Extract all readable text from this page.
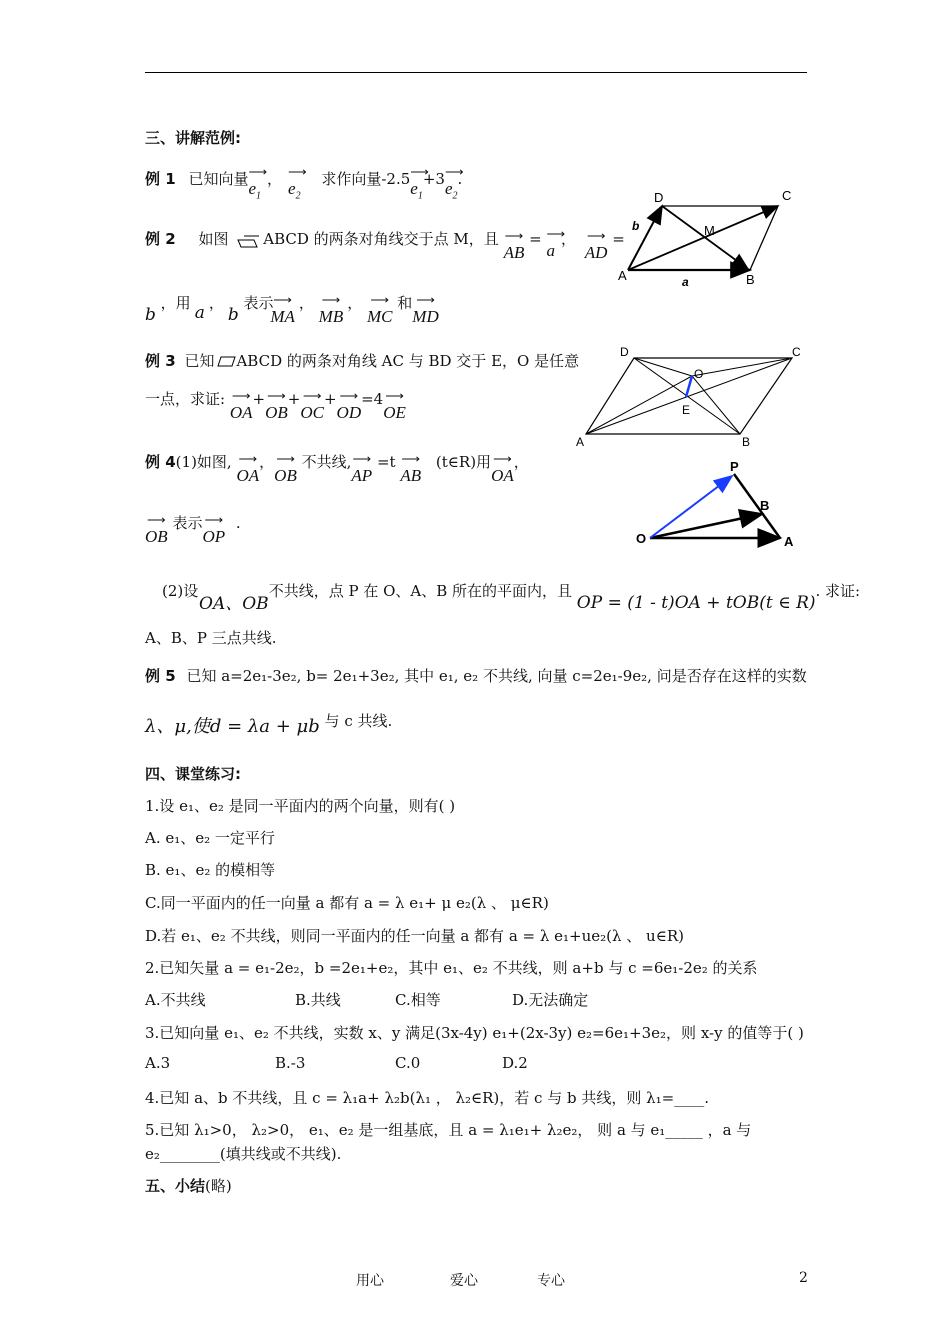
三、讲解范例:
例 1 已知向量⟶ $e_1$，⟶ $e_2$ 求作向量-2.5⟶ $e_1+3⟶$ $e_2$.
例 2 如图 ABCD 的两条对角线交于点 M，且 ⟶ AB = ⟶ a， ⟶ AD =
b ，用 a ，b 表示 ⟶ MA， ⟶ MB， ⟶ MC 和⟶ MD
D	C
M
A	B
a
b
例 3 已知 ABCD 的两条对角线 AC 与 BD 交于 E，O 是任意
一点，求证: ⟶ OA+⟶ OB+⟶ OC+⟶ OD=4⟶ OE
D	C
O
E
A	B
例 4(1)如图, ⟶ OA，⟶ OB 不共线,⟶ AP =t ⟶ AB (t∈R)用⟶ OA，
⟶ OB 表示⟶ OP .
P
B
O	A
(2)设 OA、OB不共线，点 P 在 O、A、B 所在的平面内，且 OP = (1 - t)OA + tOB(t ∈ R). 求证:
A、B、P 三点共线.
例 5 已知 a=2e₁-3e₂, b= 2e₁+3e₂, 其中 e₁, e₂ 不共线, 向量 c=2e₁-9e₂, 问是否存在这样的实数
λ、μ,使d = λa + μb 与 c 共线.
四、课堂练习:
1.设 e₁、e₂ 是同一平面内的两个向量，则有( )
A. e₁、e₂ 一定平行
B. e₁、e₂ 的模相等
C.同一平面内的任一向量 a 都有 a = λ e₁+ μ e₂(λ 、 μ∈R)
D.若 e₁、e₂ 不共线，则同一平面内的任一向量 a 都有 a = λ e₁+ue₂(λ 、 u∈R)
2.已知矢量 a = e₁-2e₂，b =2e₁+e₂，其中 e₁、e₂ 不共线，则 a+b 与 c =6e₁-2e₂ 的关系
A.不共线	B.共线	C.相等	D.无法确定
3.已知向量 e₁、e₂ 不共线，实数 x、y 满足(3x-4y) e₁+(2x-3y) e₂=6e₁+3e₂，则 x-y 的值等于( )
A.3	B.-3	C.0	D.2
4.已知 a、b 不共线，且 c = λ₁a+ λ₂b(λ₁ ， λ₂∈R)，若 c 与 b 共线，则 λ₁=____.
5.已知 λ₁>0， λ₂>0， e₁、e₂ 是一组基底，且 a = λ₁e₁+ λ₂e₂， 则 a 与 e₁_____ ，a 与
e₂________(填共线或不共线).
五、小结(略)
用心	爱心	专心	2
